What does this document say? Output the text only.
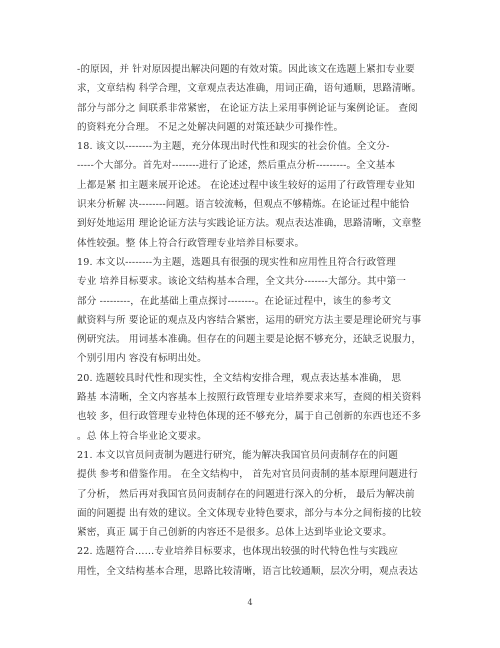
-的原因，并 针对原因提出解决问题的有效对策。因此该文在选题上紧扣专业要
求，文章结构 科学合理，文章观点表达准确，用词正确，语句通顺，思路清晰。
部分与部分之 间联系非常紧密， 在论证方法上采用事例论证与案例论证。 查阅
的资料充分合理。 不足之处解决问题的对策还缺少可操作性。
18. 该文以--------为主题，充分体现出时代性和现实的社会价值。全文分-
-----个大部分。首先对--------进行了论述，然后重点分析---------。全文基本
上都是紧 扣主题来展开论述。 在论述过程中该生较好的运用了行政管理专业知
识来分析解 决--------问题。语言较流畅，但观点不够精炼。在论证过程中能恰
到好处地运用 理论论证方法与实践论证方法。观点表达准确，思路清晰，文章整
体性较强。整 体上符合行政管理专业培养目标要求。
19. 本文以--------为主题，选题具有很强的现实性和应用性且符合行政管理
专业 培养目标要求。该论文结构基本合理，全文共分-------大部分。其中第一
部分 ---------，在此基础上重点探讨--------。在论证过程中，该生的参考文
献资料与所 要论证的观点及内容结合紧密，运用的研究方法主要是理论研究与事
例研究法。 用词基本准确。但存在的问题主要是论据不够充分，还缺乏说服力，
个别引用内 容没有标明出处。
20. 选题较具时代性和现实性，全文结构安排合理，观点表达基本准确， 思
路基 本清晰，全文内容基本上按照行政管理专业培养要求来写，查阅的相关资料
也较 多，但行政管理专业特色体现的还不够充分，属于自己创新的东西也还不多
。总 体上符合毕业论文要求。
21. 本文以官员问责制为题进行研究，能为解决我国官员问责制存在的问题
提供 参考和借鉴作用。 在全文结构中， 首先对官员问责制的基本原理问题进行
了分析， 然后再对我国官员问责制存在的问题进行深入的分析， 最后为解决前
面的问题提 出有效的建议。全文体现专业特色要求，部分与本分之间衔接的比较
紧密，真正 属于自己创新的内容还不是很多。总体上达到毕业论文要求。
22. 选题符合……专业培养目标要求，也体现出较强的时代特色性与实践应
用性，全文结构基本合理，思路比较清晰，语言比较通顺，层次分明，观点表达
4
